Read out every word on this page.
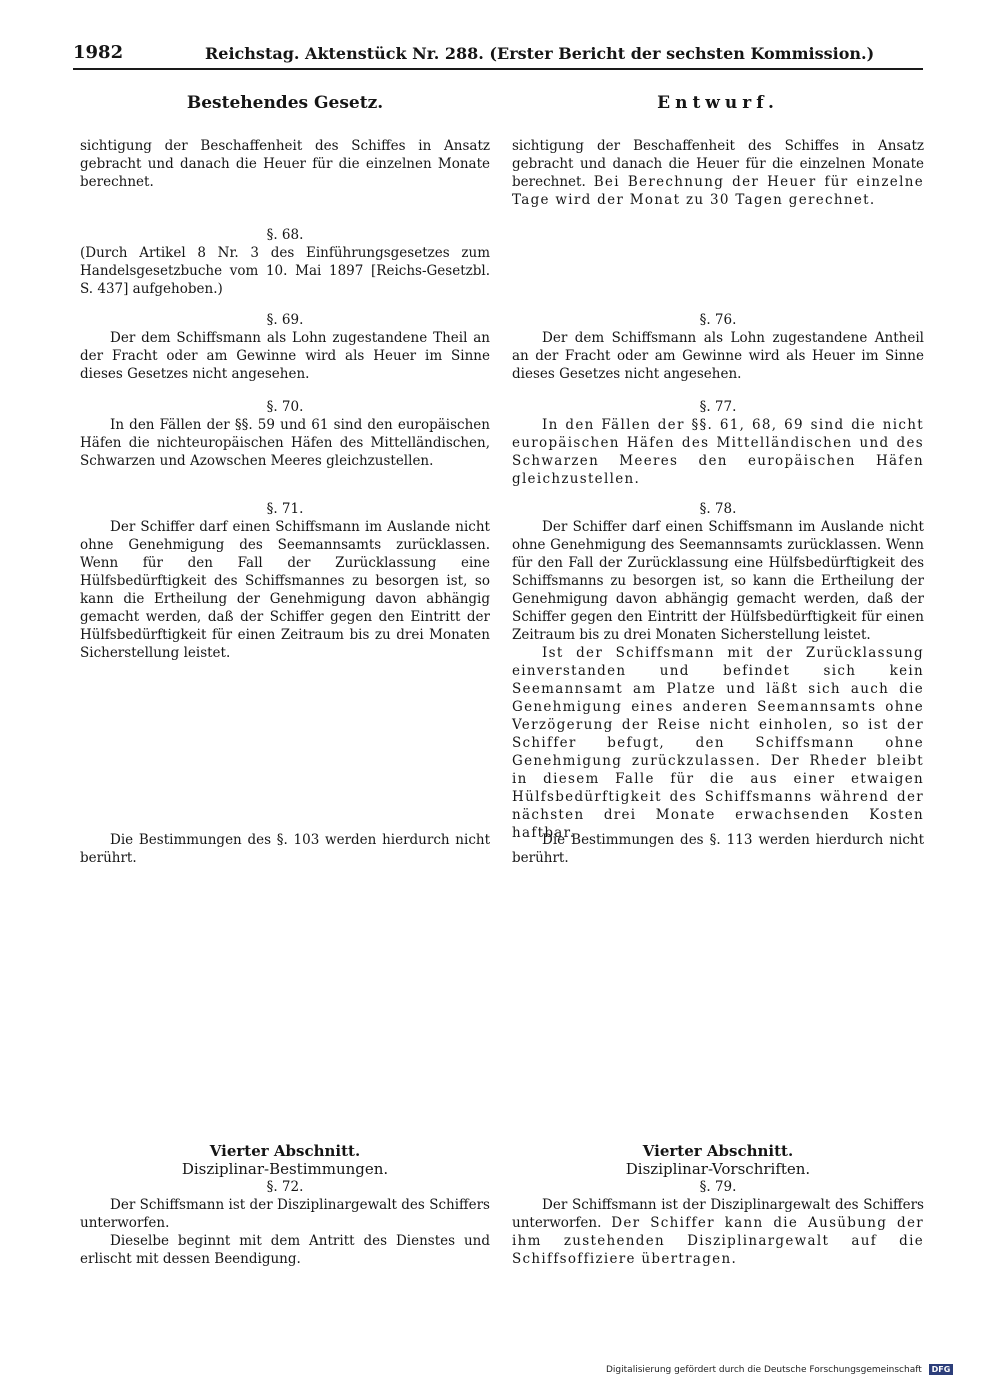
1982	Reichstag. Aktenstück Nr. 288. (Erster Bericht der sechsten Kommission.)
Bestehendes Gesetz.	Entwurf.

sichtigung der Beschaffenheit des Schiffes in Ansatz gebracht und danach die Heuer für die einzelnen Monate berechnet.

§. 68.

(Durch Artikel 8 Nr. 3 des Einführungsgesetzes zum Handelsgesetzbuche vom 10. Mai 1897 [Reichs-Gesetzbl. S. 437] aufgehoben.)

§. 69.

Der dem Schiffsmann als Lohn zugestandene Theil an der Fracht oder am Gewinne wird als Heuer im Sinne dieses Gesetzes nicht angesehen.

§. 70.

In den Fällen der §§. 59 und 61 sind den europäischen Häfen die nichteuropäischen Häfen des Mittelländischen, Schwarzen und Azowschen Meeres gleichzustellen.

§. 71.

Der Schiffer darf einen Schiffsmann im Auslande nicht ohne Genehmigung des Seemannsamts zurücklassen. Wenn für den Fall der Zurücklassung eine Hülfsbedürftigkeit des Schiffsmannes zu besorgen ist, so kann die Ertheilung der Genehmigung davon abhängig gemacht werden, daß der Schiffer gegen den Eintritt der Hülfsbedürftigkeit für einen Zeitraum bis zu drei Monaten Sicherstellung leistet.

Die Bestimmungen des §. 103 werden hierdurch nicht berührt.

Vierter Abschnitt.

Disziplinar-Bestimmungen.

§. 72.

Der Schiffsmann ist der Disziplinargewalt des Schiffers unterworfen.

Dieselbe beginnt mit dem Antritt des Dienstes und erlischt mit dessen Beendigung.

sichtigung der Beschaffenheit des Schiffes in Ansatz gebracht und danach die Heuer für die einzelnen Monate berechnet. Bei Berechnung der Heuer für einzelne Tage wird der Monat zu 30 Tagen gerechnet.

§. 76.

Der dem Schiffsmann als Lohn zugestandene Antheil an der Fracht oder am Gewinne wird als Heuer im Sinne dieses Gesetzes nicht angesehen.

§. 77.

In den Fällen der §§. 61, 68, 69 sind die nicht europäischen Häfen des Mittelländischen und des Schwarzen Meeres den europäischen Häfen gleichzustellen.

§. 78.

Der Schiffer darf einen Schiffsmann im Auslande nicht ohne Genehmigung des Seemannsamts zurücklassen. Wenn für den Fall der Zurücklassung eine Hülfsbedürftigkeit des Schiffsmanns zu besorgen ist, so kann die Ertheilung der Genehmigung davon abhängig gemacht werden, daß der Schiffer gegen den Eintritt der Hülfsbedürftigkeit für einen Zeitraum bis zu drei Monaten Sicherstellung leistet.

Ist der Schiffsmann mit der Zurücklassung einverstanden und befindet sich kein Seemannsamt am Platze und läßt sich auch die Genehmigung eines anderen Seemannsamts ohne Verzögerung der Reise nicht einholen, so ist der Schiffer befugt, den Schiffsmann ohne Genehmigung zurückzulassen. Der Rheder bleibt in diesem Falle für die aus einer etwaigen Hülfsbedürftigkeit des Schiffsmanns während der nächsten drei Monate erwachsenden Kosten haftbar.

Die Bestimmungen des §. 113 werden hierdurch nicht berührt.

Vierter Abschnitt.

Disziplinar-Vorschriften.

§. 79.

Der Schiffsmann ist der Disziplinargewalt des Schiffers unterworfen. Der Schiffer kann die Ausübung der ihm zustehenden Disziplinargewalt auf die Schiffsoffiziere übertragen.

Digitalisierung gefördert durch die Deutsche Forschungsgemeinschaft DFG
